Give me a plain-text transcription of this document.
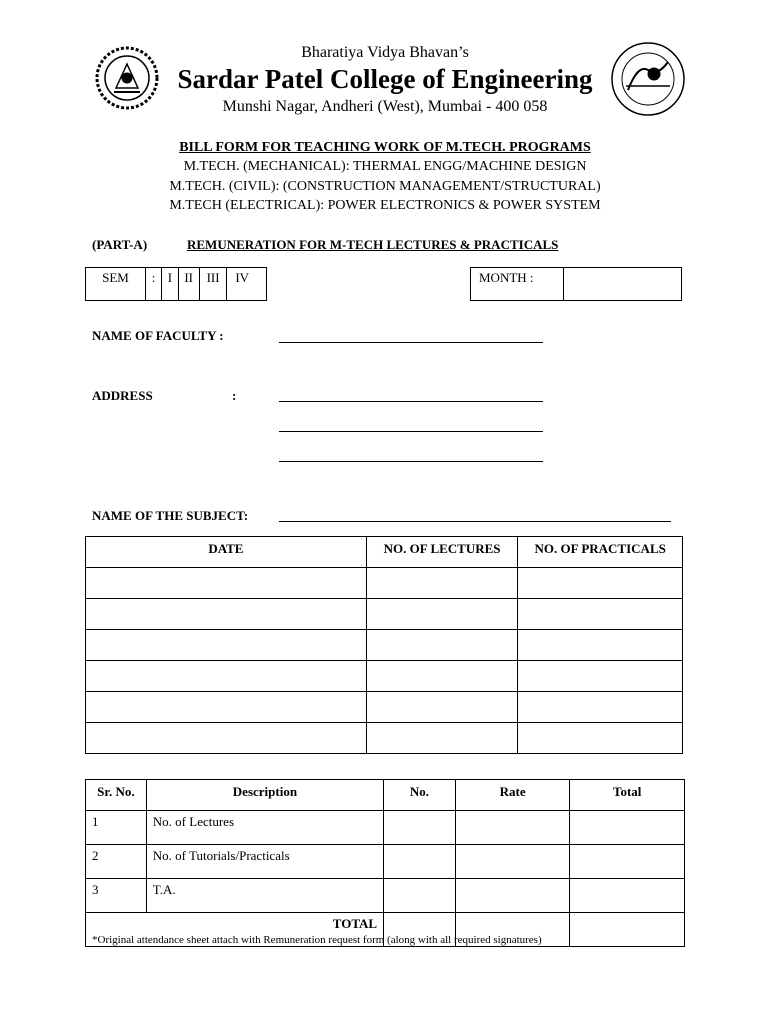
Bharatiya Vidya Bhavan’s
Sardar Patel College of Engineering
Munshi Nagar, Andheri (West), Mumbai - 400 058
BILL FORM FOR TEACHING WORK OF M.TECH. PROGRAMS
M.TECH. (MECHANICAL): THERMAL ENGG/MACHINE DESIGN
M.TECH. (CIVIL): (CONSTRUCTION MANAGEMENT/STRUCTURAL)
M.TECH (ELECTRICAL): POWER ELECTRONICS & POWER SYSTEM
(PART-A)	REMUNERATION FOR M-TECH LECTURES & PRACTICALS
SEM	:	I	II	III	IV	MONTH :	
NAME OF FACULTY :
ADDRESS	:
NAME OF THE SUBJECT:
DATE	NO. OF LECTURES	NO. OF PRACTICALS

Sr. No.	Description	No.	Rate	Total
1	No. of Lectures			
2	No. of Tutorials/Practicals			
3	T.A.			
TOTAL				
*Original attendance sheet attach with Remuneration request form (along with all required signatures)
